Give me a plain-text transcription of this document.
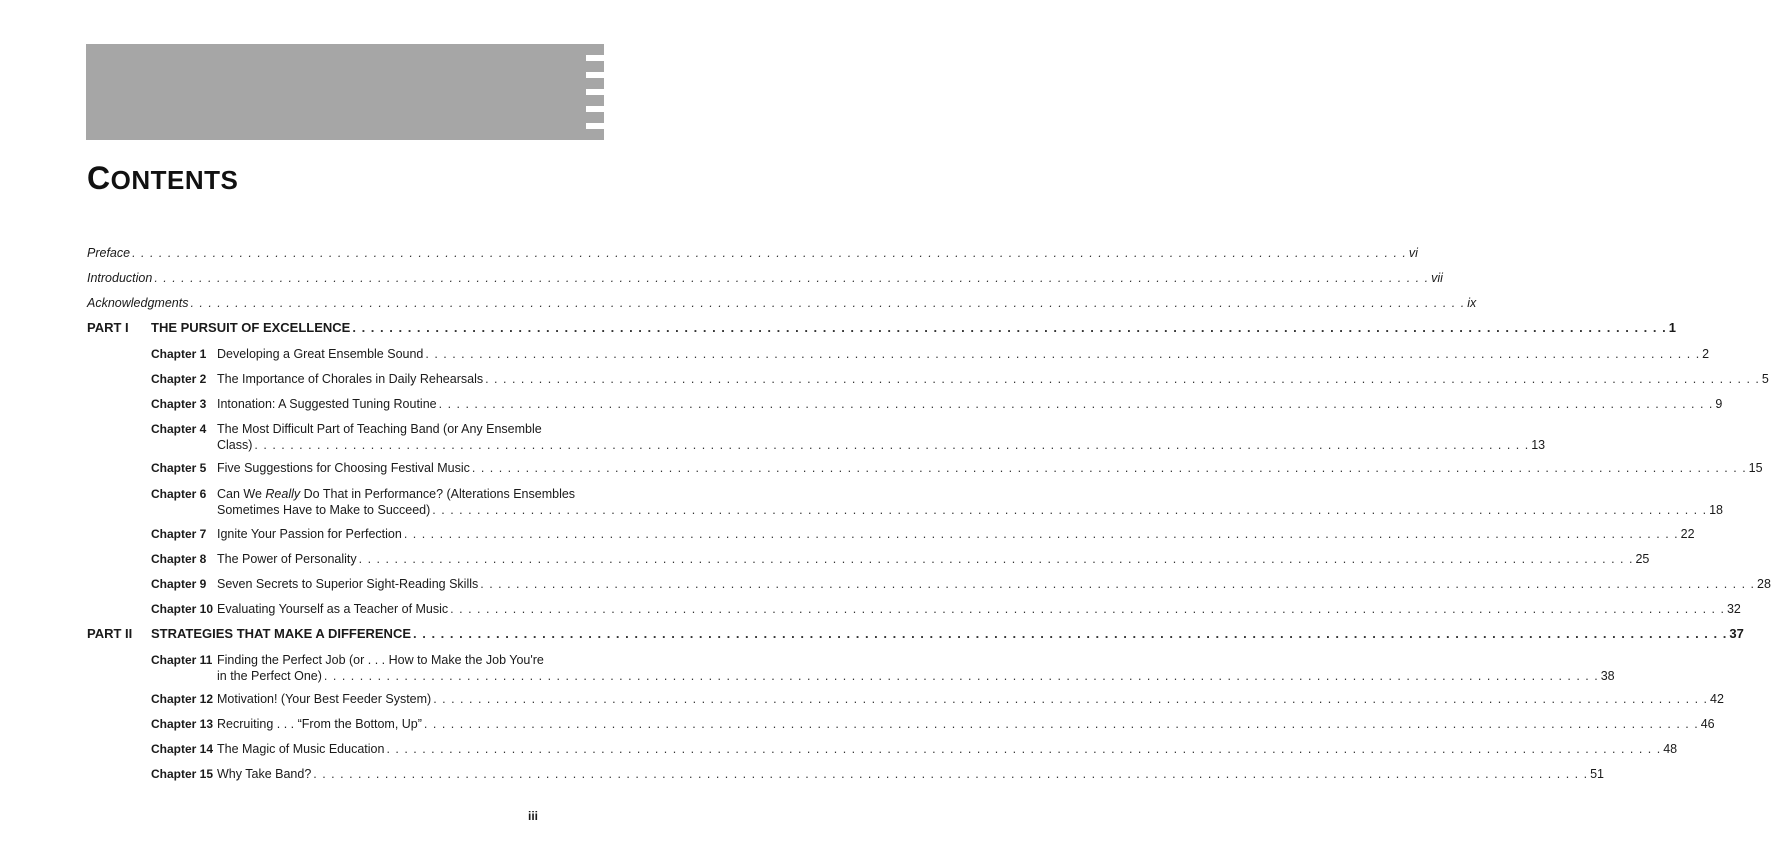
CONTENTS
Preface . . .	vi
Introduction . . .	vii
Acknowledgments . . .	ix
PART I	THE PURSUIT OF EXCELLENCE . . .	1
Chapter 1 Developing a Great Ensemble Sound . . .	2
Chapter 2 The Importance of Chorales in Daily Rehearsals . . .	5
Chapter 3 Intonation: A Suggested Tuning Routine . . .	9
Chapter 4 The Most Difficult Part of Teaching Band (or Any Ensemble
Class) . . .	13
Chapter 5 Five Suggestions for Choosing Festival Music . . .	15
Chapter 6 Can We Really Do That in Performance? (Alterations Ensembles
Sometimes Have to Make to Succeed) . . .	18
Chapter 7 Ignite Your Passion for Perfection . . .	22
Chapter 8 The Power of Personality . . .	25
Chapter 9 Seven Secrets to Superior Sight-Reading Skills . . .	28
Chapter 10 Evaluating Yourself as a Teacher of Music . . .	32
PART II	STRATEGIES THAT MAKE A DIFFERENCE . . .	37
Chapter 11 Finding the Perfect Job (or . . . How to Make the Job You're
in the Perfect One) . . .	38
Chapter 12 Motivation! (Your Best Feeder System) . . .	42
Chapter 13 Recruiting . . . “From the Bottom, Up” . . .	46
Chapter 14 The Magic of Music Education . . .	48
Chapter 15 Why Take Band? . . .	51
iii
